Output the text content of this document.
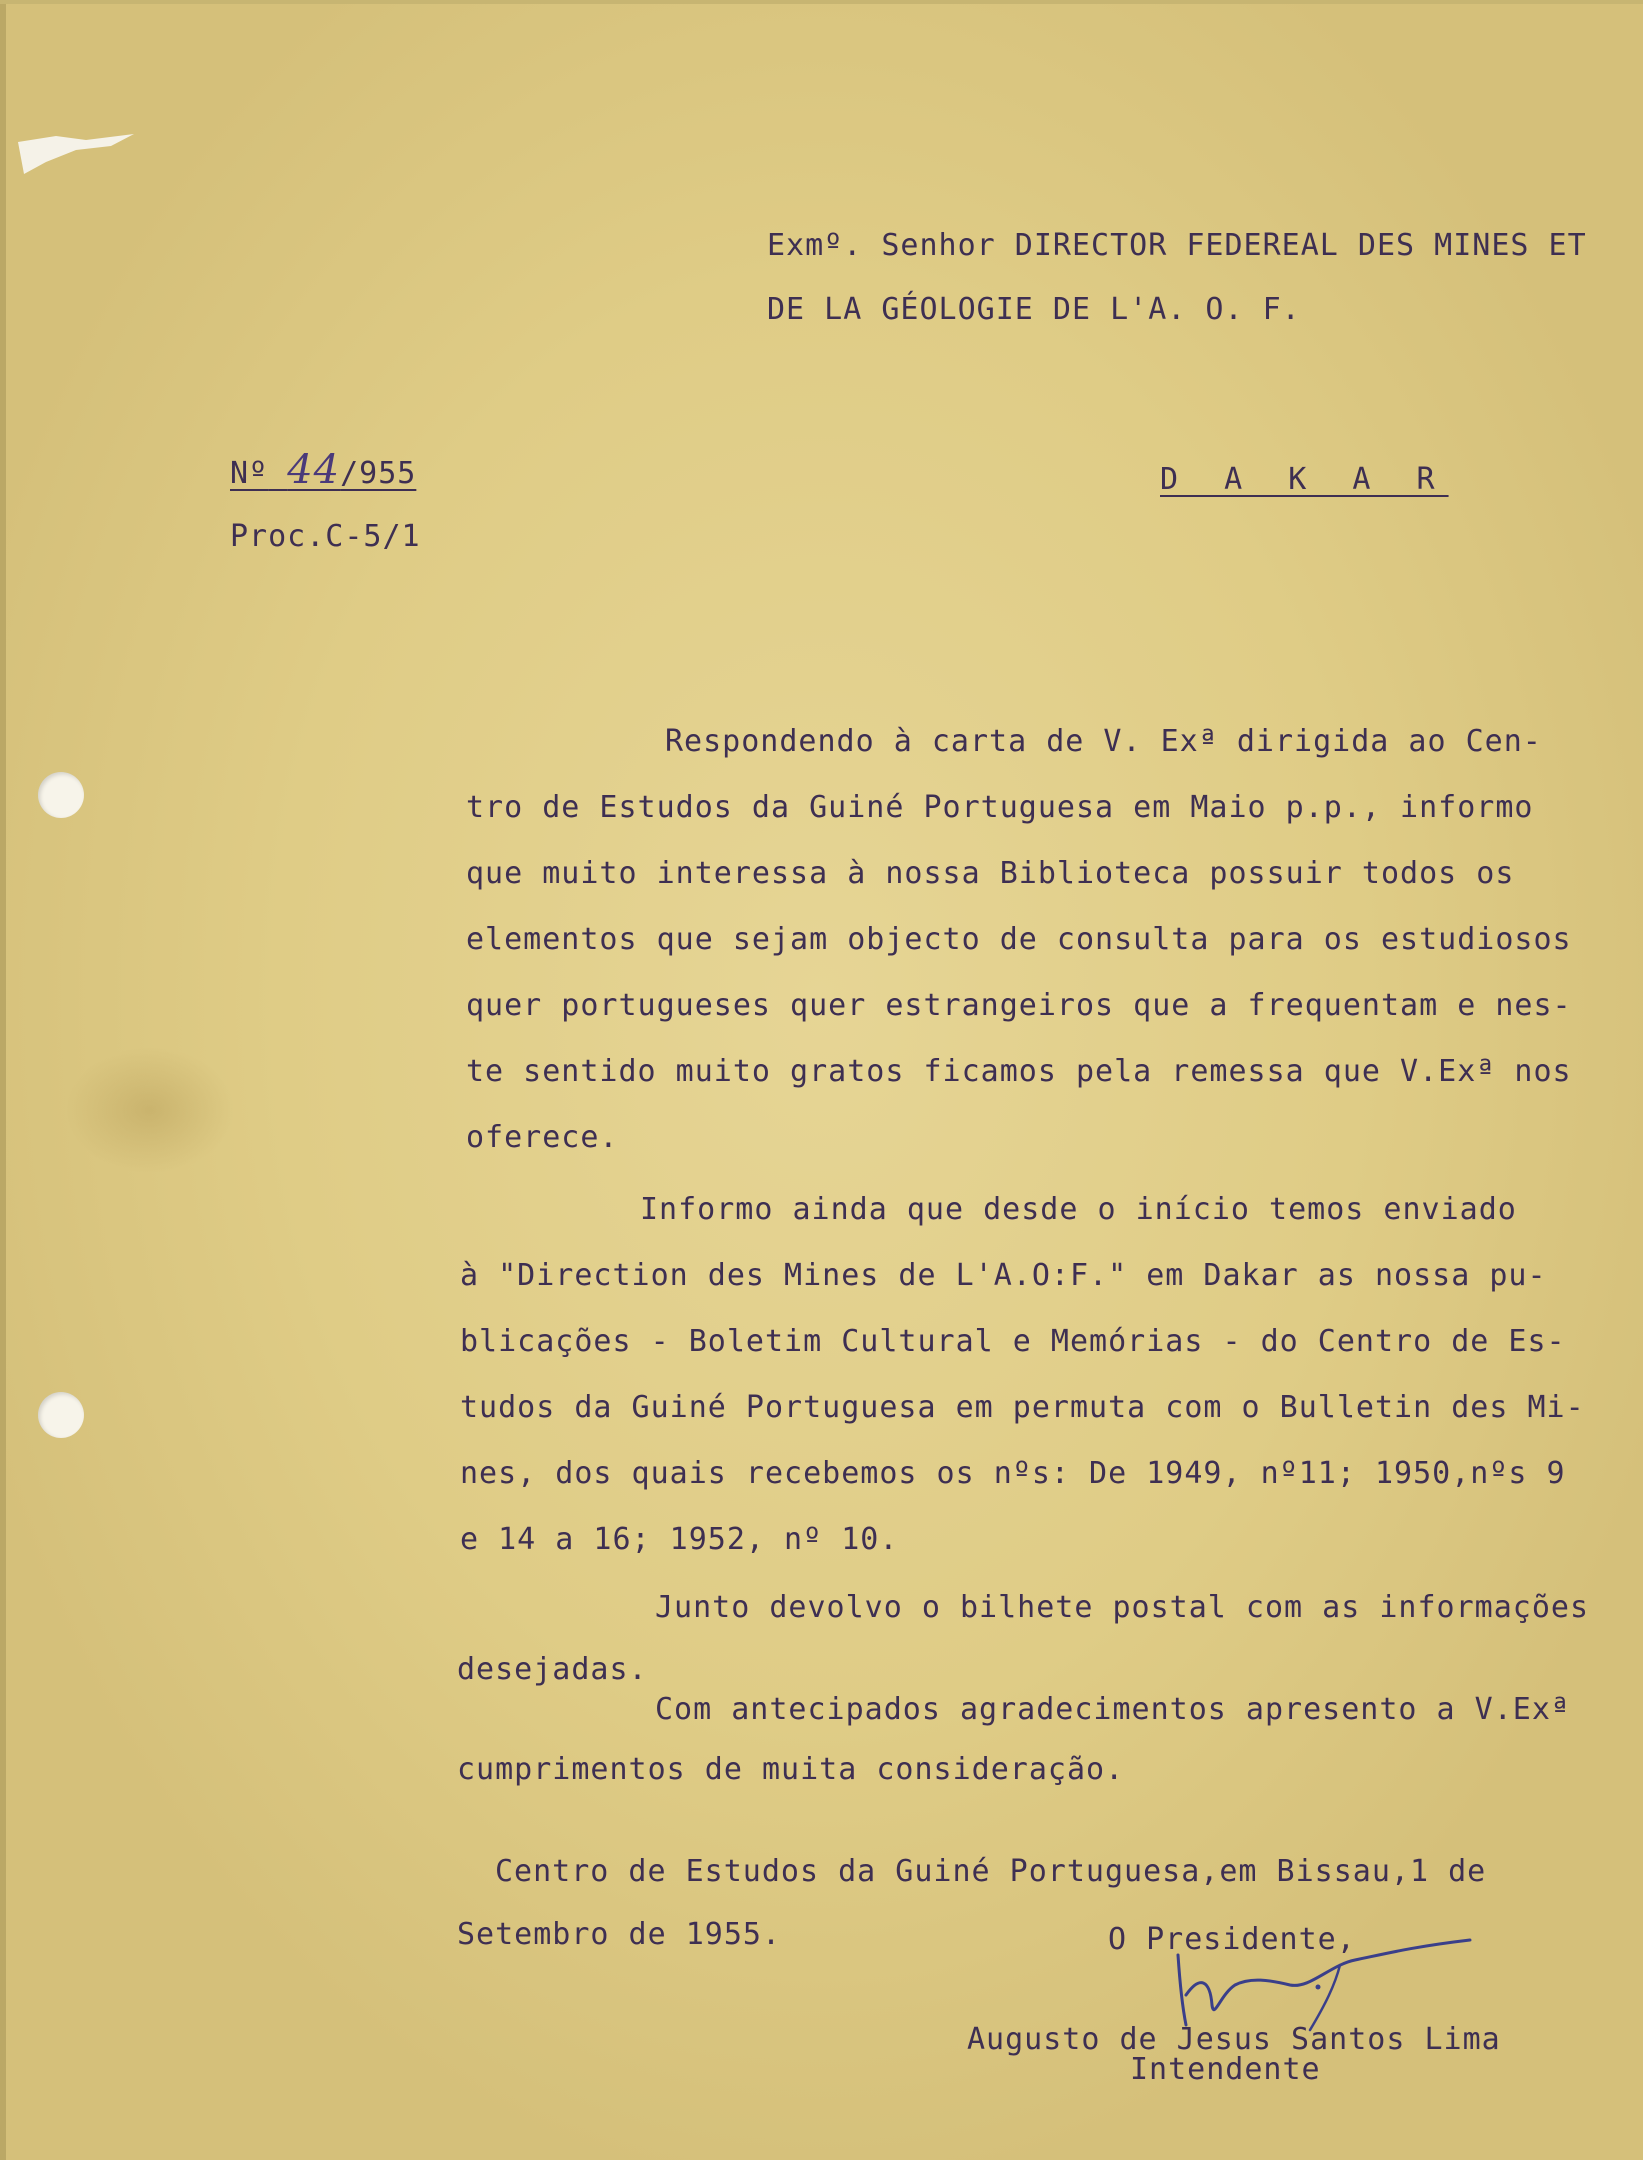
Exmº. Senhor DIRECTOR FEDEREAL DES MINES ET
DE LA GÉOLOGIE DE L'A. O. F.
Nº 44/955
Proc.C-5/1
D A K A R
Respondendo à carta de V. Exª dirigida ao Cen-
tro de Estudos da Guiné Portuguesa em Maio p.p., informo
que muito interessa à nossa Biblioteca possuir todos os
elementos que sejam objecto de consulta para os estudiosos
quer portugueses quer estrangeiros que a frequentam e nes-
te sentido muito gratos ficamos pela remessa que V.Exª nos
oferece.
Informo ainda que desde o início temos enviado
à "Direction des Mines de L'A.O:F." em Dakar as nossa pu-
blicações - Boletim Cultural e Memórias - do Centro de Es-
tudos da Guiné Portuguesa em permuta com o Bulletin des Mi-
nes, dos quais recebemos os nºs: De 1949, nº11; 1950,nºs 9
e 14 a 16; 1952, nº 10.
Junto devolvo o bilhete postal com as informações
desejadas.
Com antecipados agradecimentos apresento a V.Exª
cumprimentos de muita consideração.
Centro de Estudos da Guiné Portuguesa,em Bissau,1 de
Setembro de 1955.	O Presidente,
Augusto de Jesus Santos Lima
Intendente
